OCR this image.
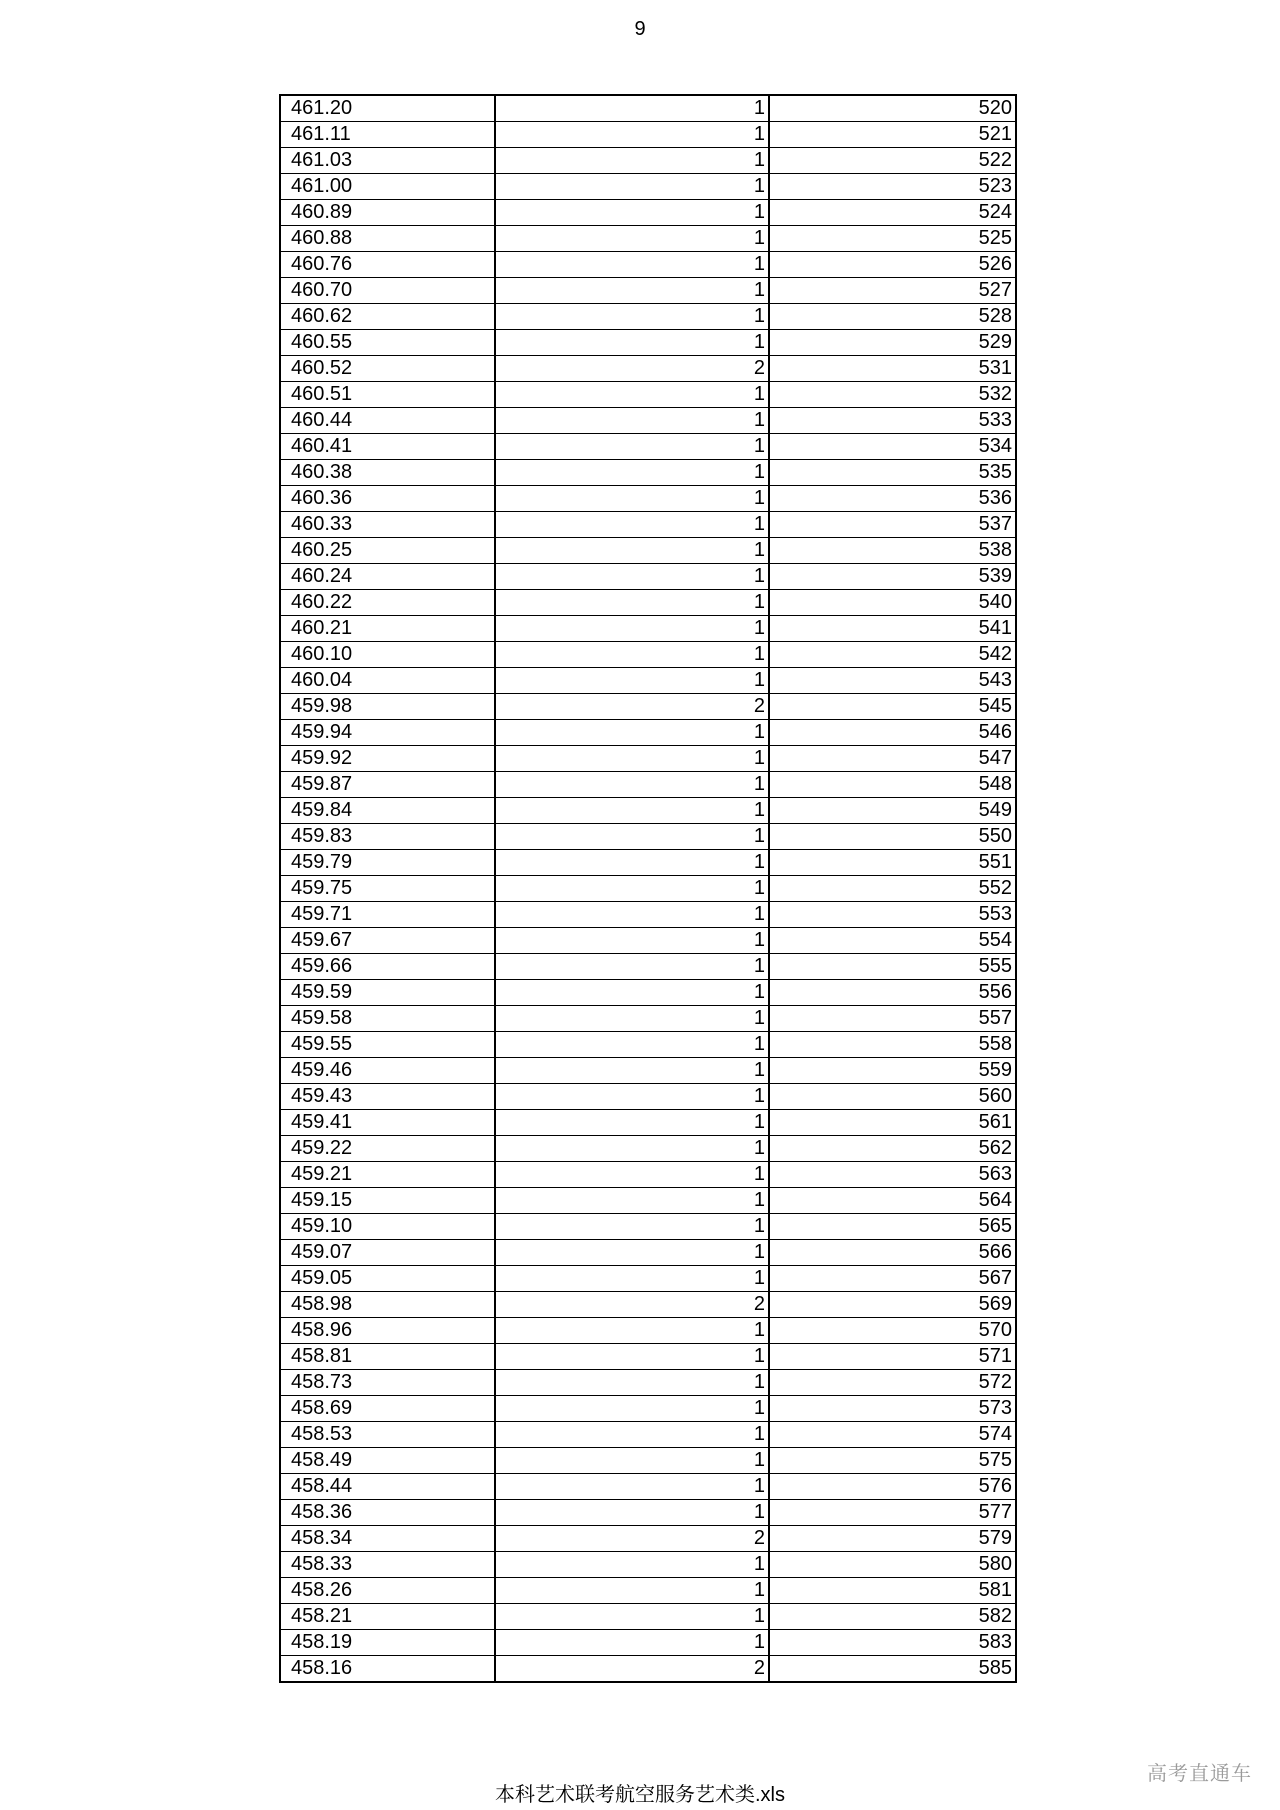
9
461.20	1	520
461.11	1	521
461.03	1	522
461.00	1	523
460.89	1	524
460.88	1	525
460.76	1	526
460.70	1	527
460.62	1	528
460.55	1	529
460.52	2	531
460.51	1	532
460.44	1	533
460.41	1	534
460.38	1	535
460.36	1	536
460.33	1	537
460.25	1	538
460.24	1	539
460.22	1	540
460.21	1	541
460.10	1	542
460.04	1	543
459.98	2	545
459.94	1	546
459.92	1	547
459.87	1	548
459.84	1	549
459.83	1	550
459.79	1	551
459.75	1	552
459.71	1	553
459.67	1	554
459.66	1	555
459.59	1	556
459.58	1	557
459.55	1	558
459.46	1	559
459.43	1	560
459.41	1	561
459.22	1	562
459.21	1	563
459.15	1	564
459.10	1	565
459.07	1	566
459.05	1	567
458.98	2	569
458.96	1	570
458.81	1	571
458.73	1	572
458.69	1	573
458.53	1	574
458.49	1	575
458.44	1	576
458.36	1	577
458.34	2	579
458.33	1	580
458.26	1	581
458.21	1	582
458.19	1	583
458.16	2	585
本科艺术联考航空服务艺术类.xls
高考直通车
